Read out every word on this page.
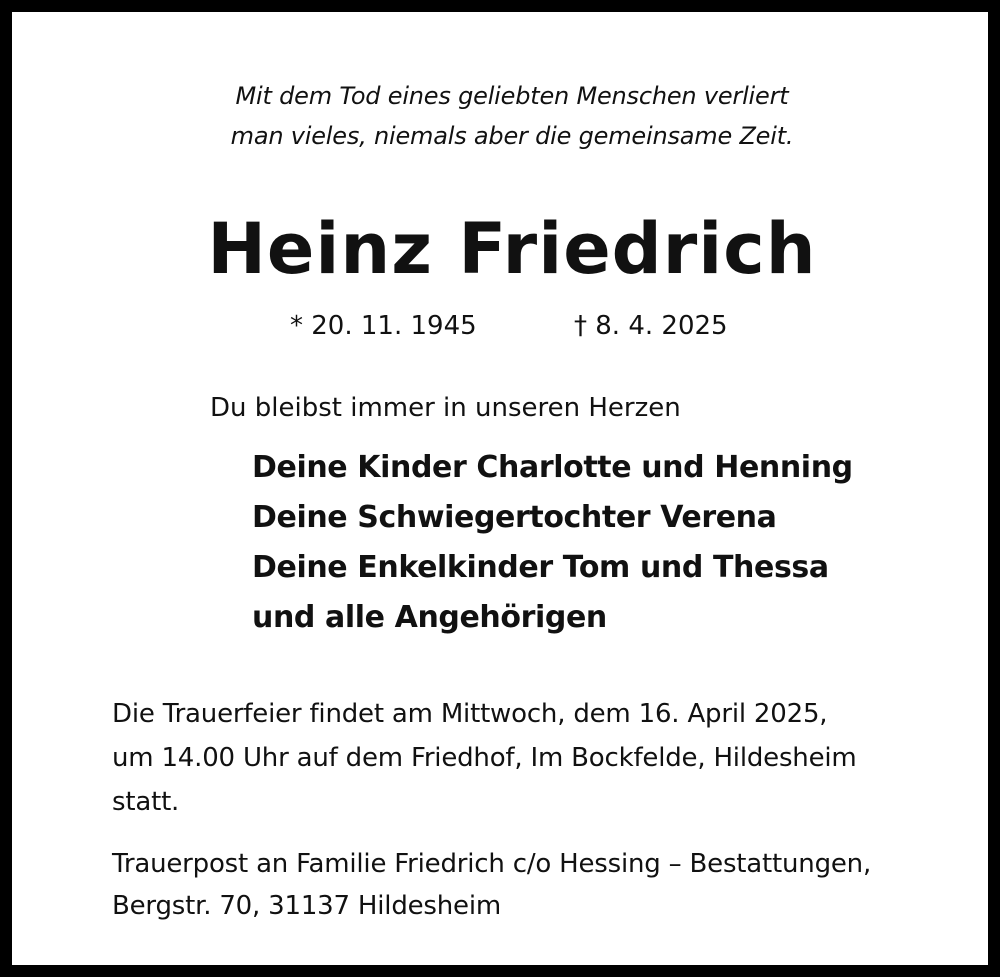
Mit dem Tod eines geliebten Menschen verliert

man vieles, niemals aber die gemeinsame Zeit.

Heinz Friedrich
* 20. 11. 1945	† 8. 4. 2025

Du bleibst immer in unseren Herzen

Deine Kinder Charlotte und Henning

Deine Schwiegertochter Verena

Deine Enkelkinder Tom und Thessa

und alle Angehörigen

Die Trauerfeier findet am Mittwoch, dem 16. April 2025,

um 14.00 Uhr auf dem Friedhof, Im Bockfelde, Hildesheim

statt.

Trauerpost an Familie Friedrich c/o Hessing – Bestattungen,

Bergstr. 70, 31137 Hildesheim
